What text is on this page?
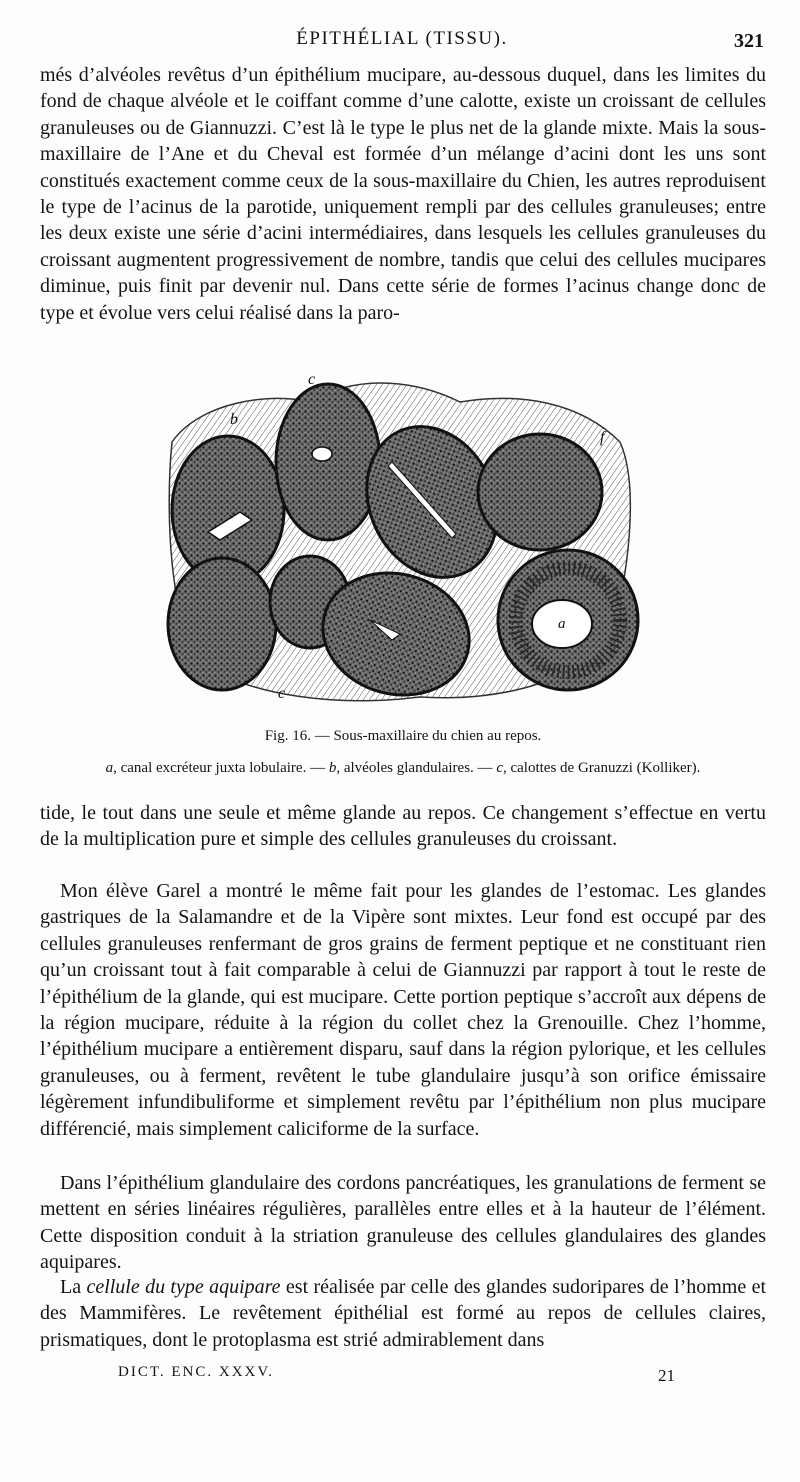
ÉPITHÉLIAL (TISSU).	321

més d’alvéoles revêtus d’un épithélium mucipare, au-dessous duquel, dans les limites du fond de chaque alvéole et le coiffant comme d’une calotte, existe un croissant de cellules granuleuses ou de Giannuzzi. C’est là le type le plus net de la glande mixte. Mais la sous-maxillaire de l’Ane et du Cheval est formée d’un mélange d’acini dont les uns sont constitués exactement comme ceux de la sous-maxillaire du Chien, les autres reproduisent le type de l’acinus de la parotide, uniquement rempli par des cellules granuleuses; entre les deux existe une série d’acini intermédiaires, dans lesquels les cellules granuleuses du croissant augmentent progressivement de nombre, tandis que celui des cellules mucipares diminue, puis finit par devenir nul. Dans cette série de formes l’acinus change donc de type et évolue vers celui réalisé dans la paro-

c
b
f
a
c
Fig. 16. — Sous-maxillaire du chien au repos.
a, canal excréteur juxta lobulaire. — b, alvéoles glandulaires. — c, calottes de Granuzzi (Kolliker).

tide, le tout dans une seule et même glande au repos. Ce changement s’effectue en vertu de la multiplication pure et simple des cellules granuleuses du croissant.

Mon élève Garel a montré le même fait pour les glandes de l’estomac. Les glandes gastriques de la Salamandre et de la Vipère sont mixtes. Leur fond est occupé par des cellules granuleuses renfermant de gros grains de ferment peptique et ne constituant rien qu’un croissant tout à fait comparable à celui de Giannuzzi par rapport à tout le reste de l’épithélium de la glande, qui est mucipare. Cette portion peptique s’accroît aux dépens de la région mucipare, réduite à la région du collet chez la Grenouille. Chez l’homme, l’épithélium mucipare a entièrement disparu, sauf dans la région pylorique, et les cellules granuleuses, ou à ferment, revêtent le tube glandulaire jusqu’à son orifice émissaire légèrement infundibuliforme et simplement revêtu par l’épithélium non plus mucipare différencié, mais simplement caliciforme de la surface.

Dans l’épithélium glandulaire des cordons pancréatiques, les granulations de ferment se mettent en séries linéaires régulières, parallèles entre elles et à la hauteur de l’élément. Cette disposition conduit à la striation granuleuse des cellules glandulaires des glandes aquipares.

La cellule du type aquipare est réalisée par celle des glandes sudoripares de l’homme et des Mammifères. Le revêtement épithélial est formé au repos de cellules claires, prismatiques, dont le protoplasma est strié admirablement dans

DICT. ENC. XXXV.	21
